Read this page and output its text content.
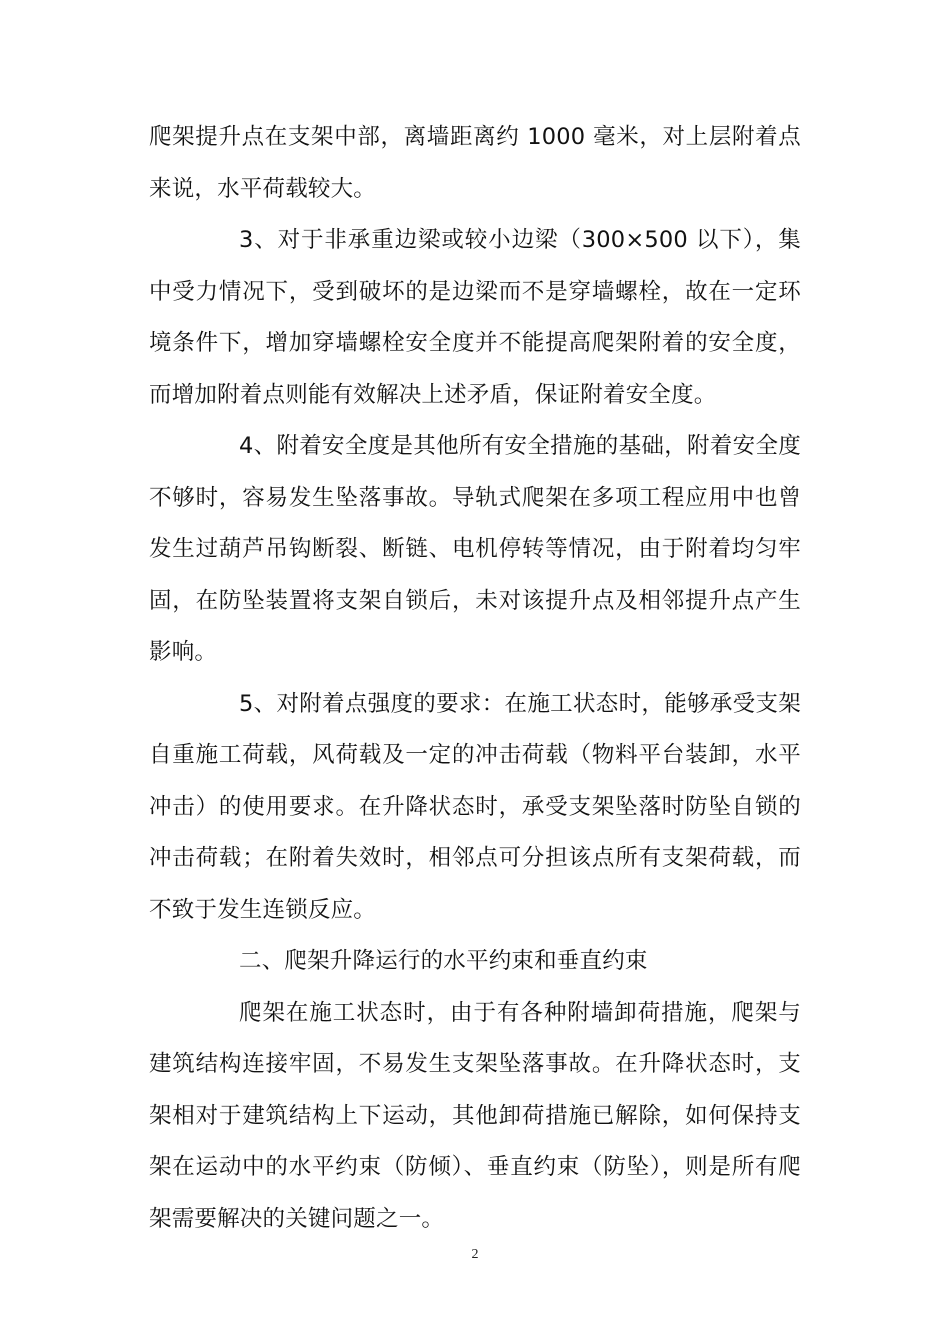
爬架提升点在支架中部，离墙距离约 1000 毫米，对上层附着点来说，水平荷载较大。

3、对于非承重边梁或较小边梁（300×500 以下），集中受力情况下，受到破坏的是边梁而不是穿墙螺栓，故在一定环境条件下，增加穿墙螺栓安全度并不能提高爬架附着的安全度，而增加附着点则能有效解决上述矛盾，保证附着安全度。

4、附着安全度是其他所有安全措施的基础，附着安全度不够时，容易发生坠落事故。导轨式爬架在多项工程应用中也曾发生过葫芦吊钩断裂、断链、电机停转等情况，由于附着均匀牢固，在防坠装置将支架自锁后，未对该提升点及相邻提升点产生影响。

5、对附着点强度的要求：在施工状态时，能够承受支架自重施工荷载，风荷载及一定的冲击荷载（物料平台装卸，水平冲击）的使用要求。在升降状态时，承受支架坠落时防坠自锁的冲击荷载；在附着失效时，相邻点可分担该点所有支架荷载，而不致于发生连锁反应。

二、爬架升降运行的水平约束和垂直约束

爬架在施工状态时，由于有各种附墙卸荷措施，爬架与建筑结构连接牢固，不易发生支架坠落事故。在升降状态时，支架相对于建筑结构上下运动，其他卸荷措施已解除，如何保持支架在运动中的水平约束（防倾）、垂直约束（防坠），则是所有爬架需要解决的关键问题之一。

2
